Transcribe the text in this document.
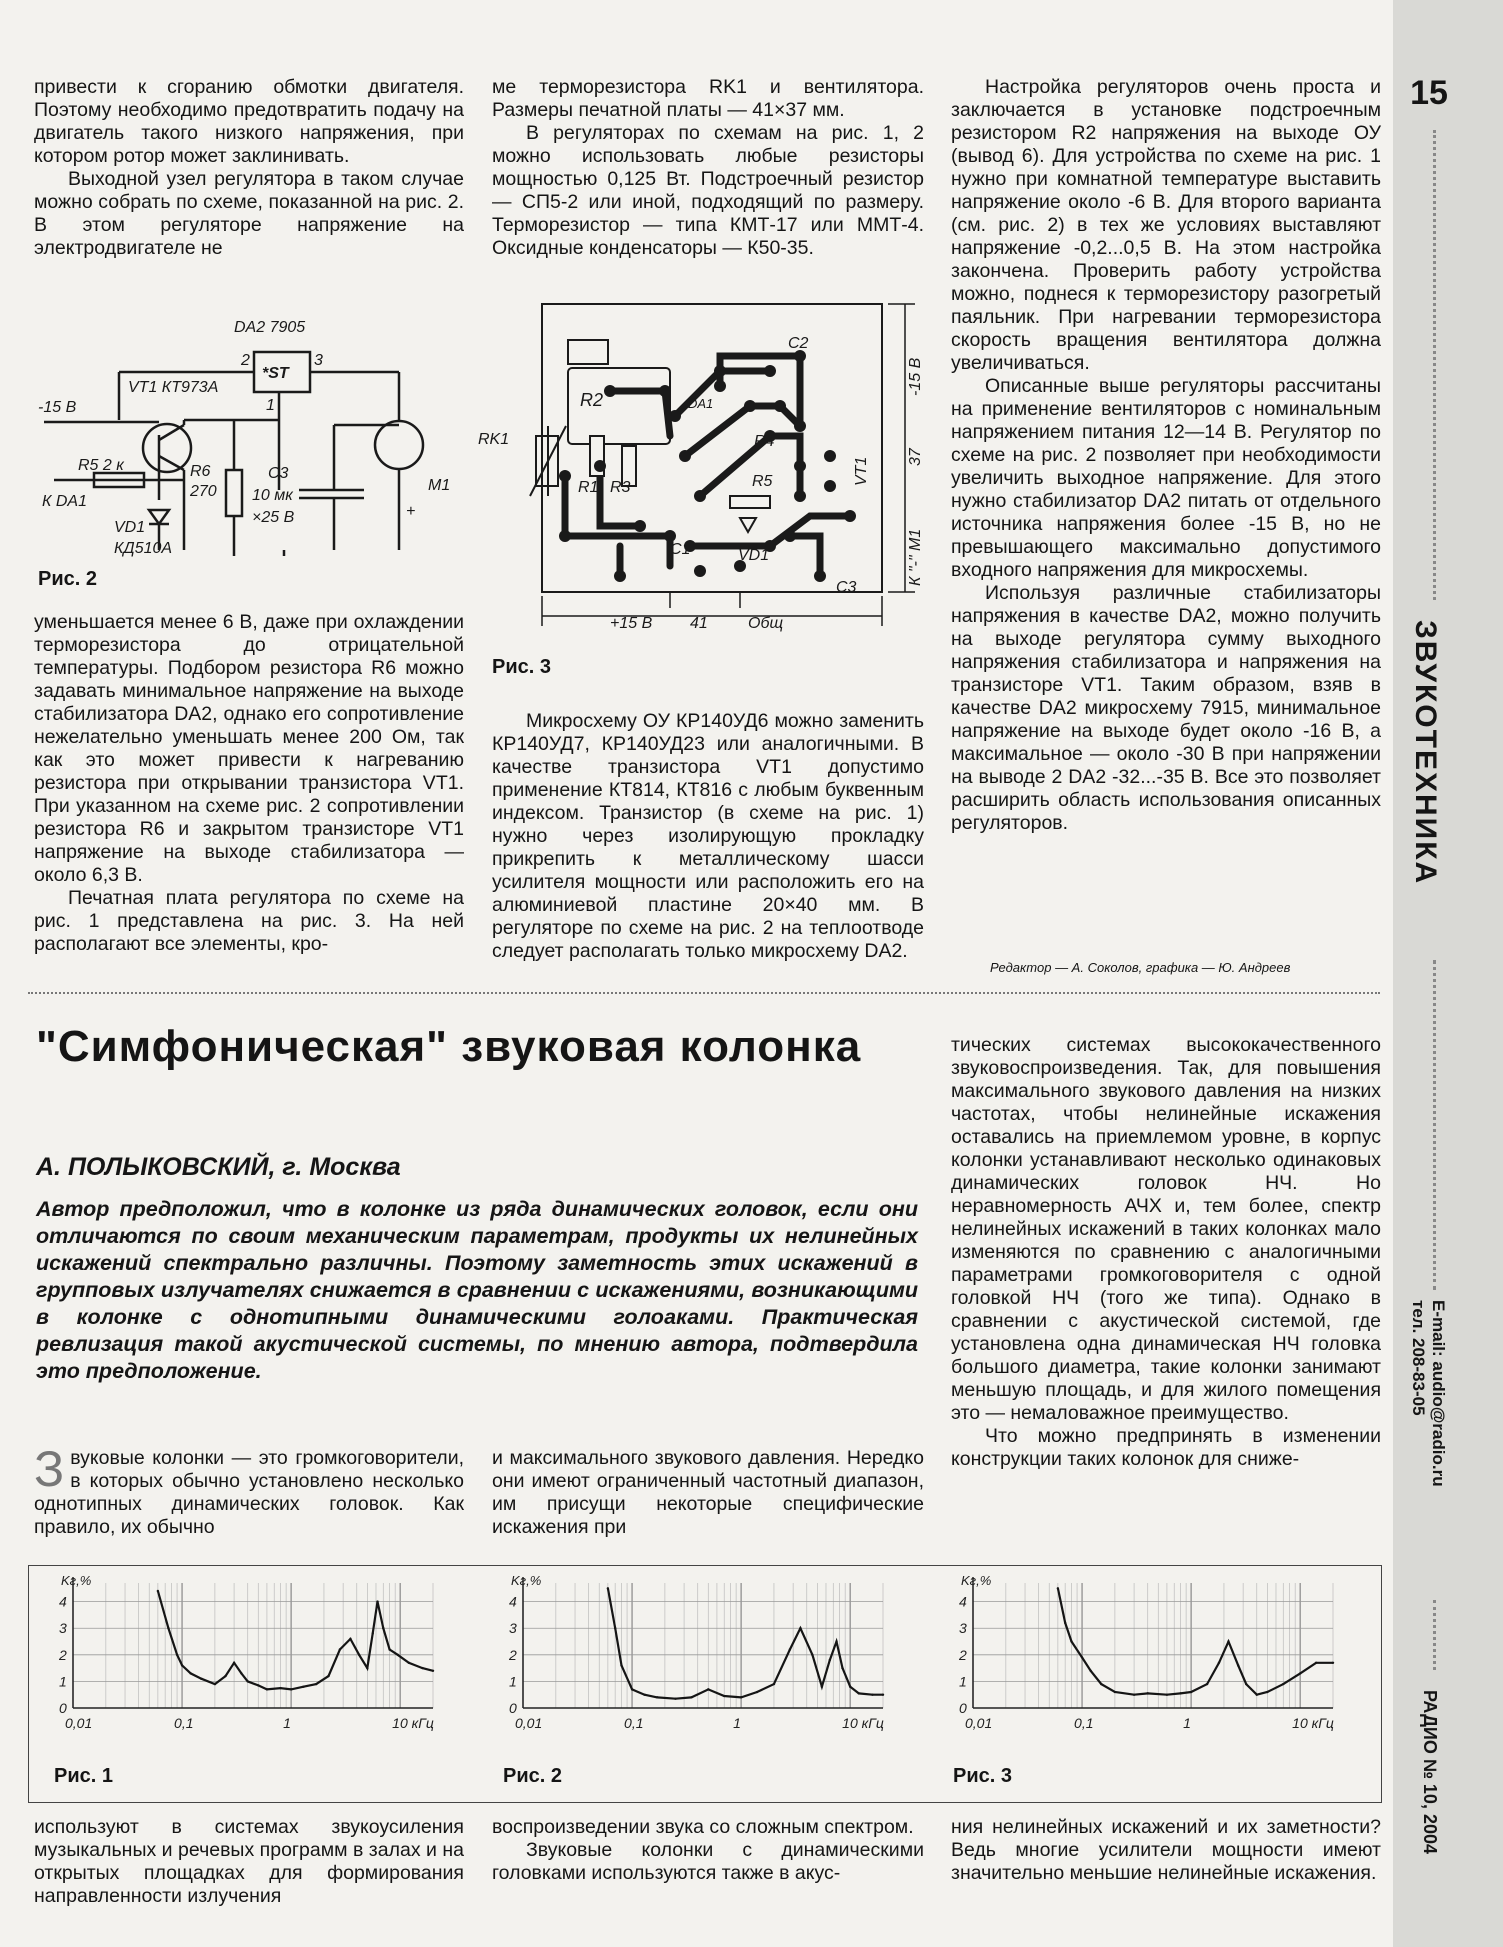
15
ЗВУКОТЕХНИКА
E-mail: audio@radio.ru
тел. 208-83-05
РАДИО № 10, 2004

привести к сгоранию обмотки двигателя. Поэтому необходимо предотвратить подачу на двигатель такого низкого напряжения, при котором ротор может заклинивать.

Выходной узел регулятора в таком случае можно собрать по схеме, показанной на рис. 2. В этом регуляторе напряжение на электродвигателе не

DA2 7905
*ST
2	3
1
VT1 КТ973А
-15 В
R5 2 к
К DA1
VD1
КД510А
R6
270
C3
10 мк
×25 В
M1
+
Рис. 2

уменьшается менее 6 В, даже при охлаждении терморезистора до отрицательной температуры. Подбором резистора R6 можно задавать минимальное напряжение на выходе стабилизатора DA2, однако его сопротивление нежелательно уменьшать менее 200 Ом, так как это может привести к нагреванию резистора при открывании транзистора VT1. При указанном на схеме рис. 2 сопротивлении резистора R6 и закрытом транзисторе VT1 напряжение на выходе стабилизатора — около 6,3 В.

Печатная плата регулятора по схеме на рис. 1 представлена на рис. 3. На ней располагают все элементы, кро-

ме терморезистора RK1 и вентилятора. Размеры печатной платы — 41×37 мм.

В регуляторах по схемам на рис. 1, 2 можно использовать любые резисторы мощностью 0,125 Вт. Подстроечный резистор — СП5-2 или иной, подходящий по размеру. Терморезистор — типа КМТ-17 или ММТ-4. Оксидные конденсаторы — К50-35.

RK1
R2
R1 R3
R4
R5
C1
C2
C3
VD1
VT1
DA1
-15 В
37
К "-" М1
+15 В 41	Общ
Рис. 3

Микросхему ОУ КР140УД6 можно заменить КР140УД7, КР140УД23 или аналогичными. В качестве транзистора VT1 допустимо применение КТ814, КТ816 с любым буквенным индексом. Транзистор (в схеме на рис. 1) нужно через изолирующую прокладку прикрепить к металлическому шасси усилителя мощности или расположить его на алюминиевой пластине 20×40 мм. В регуляторе по схеме на рис. 2 на теплоотводе следует располагать только микросхему DA2.

Настройка регуляторов очень проста и заключается в установке подстроечным резистором R2 напряжения на выходе ОУ (вывод 6). Для устройства по схеме на рис. 1 нужно при комнатной температуре выставить напряжение около -6 В. Для второго варианта (см. рис. 2) в тех же условиях выставляют напряжение -0,2...0,5 В. На этом настройка закончена. Проверить работу устройства можно, поднеся к терморезистору разогретый паяльник. При нагревании терморезистора скорость вращения вентилятора должна увеличиваться.

Описанные выше регуляторы рассчитаны на применение вентиляторов с номинальным напряжением питания 12—14 В. Регулятор по схеме на рис. 2 позволяет при необходимости увеличить выходное напряжение. Для этого нужно стабилизатор DA2 питать от отдельного источника напряжения более -15 В, но не превышающего максимально допустимого входного напряжения для микросхемы.

Используя различные стабилизаторы напряжения в качестве DA2, можно получить на выходе регулятора сумму выходного напряжения стабилизатора и напряжения на транзисторе VT1. Таким образом, взяв в качестве DA2 микросхему 7915, минимальное напряжение на выходе будет около -16 В, а максимальное — около -30 В при напряжении на выводе 2 DA2 -32...-35 В. Все это позволяет расширить область использования описанных регуляторов.

Редактор — А. Соколов, графика — Ю. Андреев
"Симфоническая" звуковая колонка
А. ПОЛЫКОВСКИЙ, г. Москва
Автор предположил, что в колонке из ряда динамических головок, если они отличаются по своим механическим параметрам, продукты их нелинейных искажений спектрально различны. Поэтому заметность этих искажений в групповых излучателях снижается в сравнении с искажениями, возникающими в колонке с однотипными динамическими голоаками. Практическая ревлизация такой акустической системы, по мнению автора, подтвердила это предположение.

Звуковые колонки — это громкоговорители, в которых обычно установлено несколько однотипных динамических головок. Как правило, их обычно

и максимального звукового давления. Нередко они имеют ограниченный частотный диапазон, им присущи некоторые специфические искажения при

тических системах высококачественного звуковоспроизведения. Так, для повышения максимального звукового давления на низких частотах, чтобы нелинейные искажения оставались на приемлемом уровне, в корпус колонки устанавливают несколько одинаковых динамических головок НЧ. Но неравномерность АЧХ и, тем более, спектр нелинейных искажений в таких колонках мало изменяются по сравнению с аналогичными параметрами громкоговорителя с одной головкой НЧ (того же типа). Однако в сравнении с акустической системой, где установлена одна динамическая НЧ головка большого диаметра, такие колонки занимают меньшую площадь, и для жилого помещения это — немаловажное преимущество.

Что можно предпринять в изменении конструкции таких колонок для сниже-

0
1
2
3
4
Kг,%
0,01	0,1	1	10 кГц
0
1
2
3
4
Kг,%
0,01	0,1	1	10 кГц
0
1
2
3
4
Kг,%
0,01	0,1	1	10 кГц
Рис. 1	Рис. 2	Рис. 3

используют в системах звукоусиления музыкальных и речевых программ в залах и на открытых площадках для формирования направленности излучения

воспроизведении звука со сложным спектром.

Звуковые колонки с динамическими головками используются также в акус-

ния нелинейных искажений и их заметности? Ведь многие усилители мощности имеют значительно меньшие нелинейные искажения.
